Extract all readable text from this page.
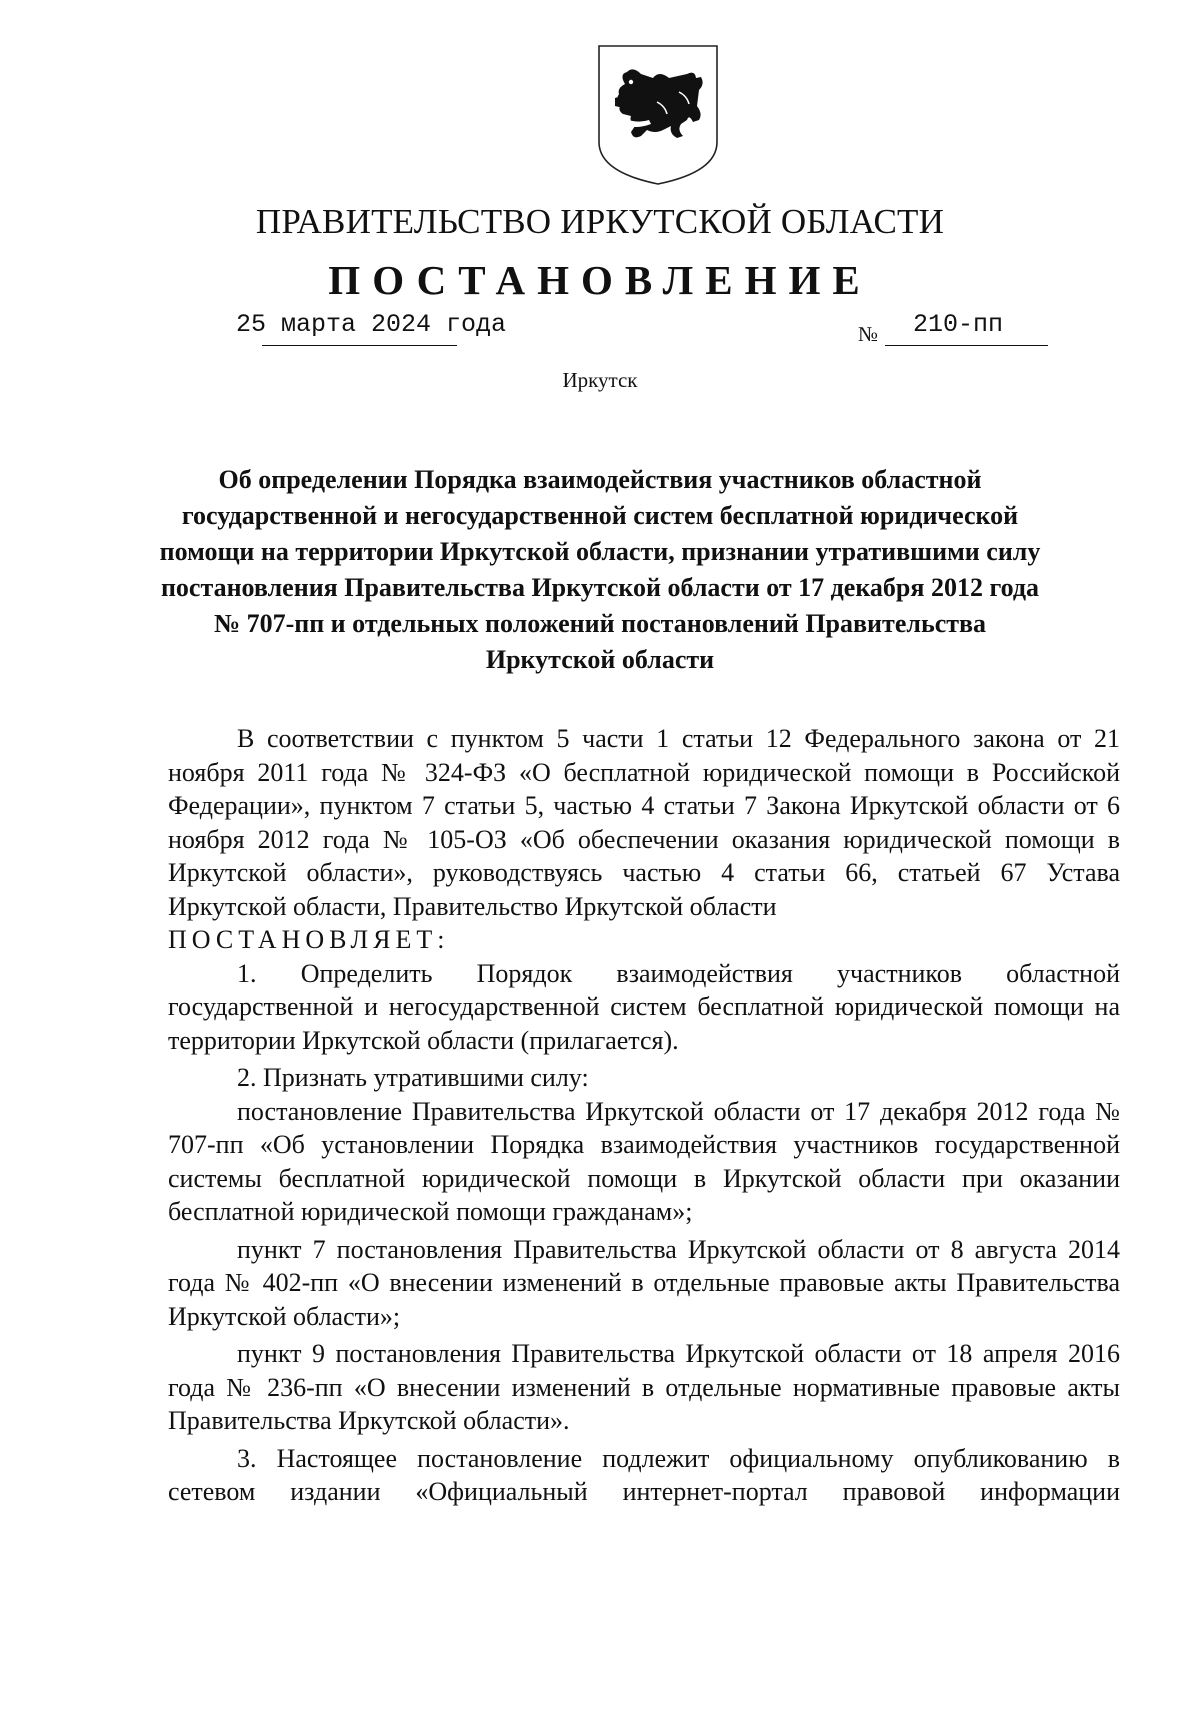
ПРАВИТЕЛЬСТВО ИРКУТСКОЙ ОБЛАСТИ
ПОСТАНОВЛЕНИЕ
25 марта 2024 года	№ 210-пп
Иркутск
Об определении Порядка взаимодействия участников областной государственной и негосударственной систем бесплатной юридической помощи на территории Иркутской области, признании утратившими силу постановления Правительства Иркутской области от 17 декабря 2012 года № 707-пп и отдельных положений постановлений Правительства Иркутской области

В соответствии с пунктом 5 части 1 статьи 12 Федерального закона от 21 ноября 2011 года № 324-ФЗ «О бесплатной юридической помощи в Российской Федерации», пунктом 7 статьи 5, частью 4 статьи 7 Закона Иркутской области от 6 ноября 2012 года № 105-ОЗ «Об обеспечении оказания юридической помощи в Иркутской области», руководствуясь частью 4 статьи 66, статьей 67 Устава Иркутской области, Правительство Иркутской области

ПОСТАНОВЛЯЕТ:

1. Определить Порядок взаимодействия участников областной государственной и негосударственной систем бесплатной юридической помощи на территории Иркутской области (прилагается).

2. Признать утратившими силу:

постановление Правительства Иркутской области от 17 декабря 2012 года № 707-пп «Об установлении Порядка взаимодействия участников государственной системы бесплатной юридической помощи в Иркутской области при оказании бесплатной юридической помощи гражданам»;

пункт 7 постановления Правительства Иркутской области от 8 августа 2014 года № 402-пп «О внесении изменений в отдельные правовые акты Правительства Иркутской области»;

пункт 9 постановления Правительства Иркутской области от 18 апреля 2016 года № 236-пп «О внесении изменений в отдельные нормативные правовые акты Правительства Иркутской области».

3. Настоящее постановление подлежит официальному опубликованию в сетевом издании «Официальный интернет-портал правовой информации
